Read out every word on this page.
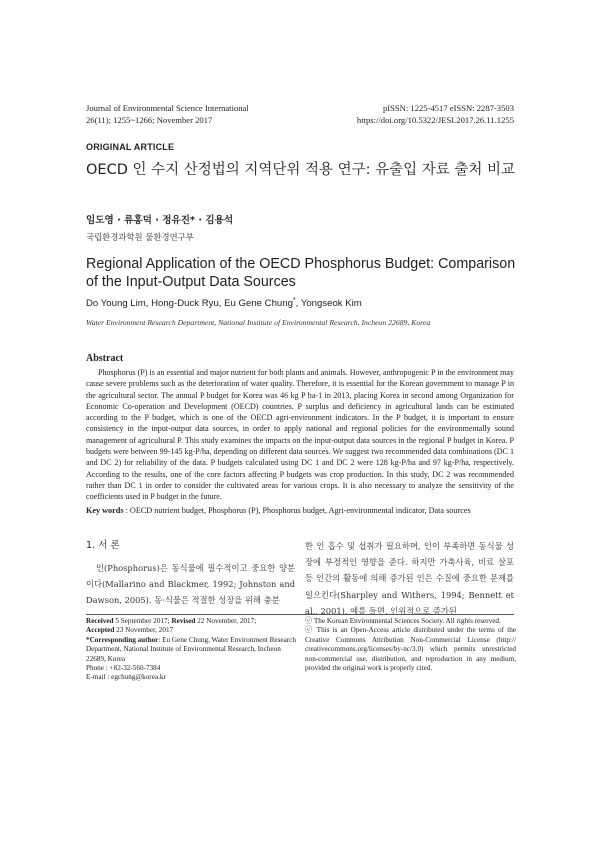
Journal of Environmental Science International
26(11); 1255~1266; November 2017
pISSN: 1225-4517 eISSN: 2287-3503
https://doi.org/10.5322/JESI.2017.26.11.1255
ORIGINAL ARTICLE
OECD 인 수지 산정법의 지역단위 적용 연구: 유출입 자료 출처 비교
임도영 · 류홍덕 · 정유진* · 김용석
국립환경과학원 물환경연구부
Regional Application of the OECD Phosphorus Budget: Comparison of the Input-Output Data Sources
Do Young Lim, Hong-Duck Ryu, Eu Gene Chung*, Yongseok Kim
Water Environment Research Department, National Institute of Environmental Research, Incheon 22689, Korea
Abstract
Phosphorus (P) is an essential and major nutrient for both plants and animals. However, anthropogenic P in the environment may cause severe problems such as the deterioration of water quality. Therefore, it is essential for the Korean government to manage P in the agricultural sector. The annual P budget for Korea was 46 kg P ha-1 in 2013, placing Korea in second among Organization for Economic Co-operation and Development (OECD) countries. P surplus and deficiency in agricultural lands can be estimated according to the P budget, which is one of the OECD agri-environment indicators. In the P budget, it is important to ensure consistency in the input-output data sources, in order to apply national and regional policies for the environmentally sound management of agricultural P. This study examines the impacts on the input-output data sources in the regional P budget in Korea. P budgets were between 99-145 kg-P/ha, depending on different data sources. We suggest two recommended data combinations (DC 1 and DC 2) for reliability of the data. P budgets calculated using DC 1 and DC 2 were 128 kg-P/ha and 97 kg-P/ha, respectively. According to the results, one of the core factors affecting P budgets was crop production. In this study, DC 2 was recommended rather than DC 1 in order to consider the cultivated areas for various crops. It is also necessary to analyze the sensitivity of the coefficients used in P budget in the future.
Key words : OECD nutrient budget, Phosphorus (P), Phosphorus budget, Agri-environmental indicator, Data sources
1. 서 론
인(Phosphorus)은 동식물에 필수적이고 중요한 양분이다(Mallarino and Blackmer, 1992; Johnston and Dawson, 2005). 동·식물은 적절한 성장을 위해 충분
한 인 흡수 및 섭취가 필요하며, 인이 부족하면 동식물 성장에 부정적인 영향을 준다. 하지만 가축사육, 비료 살포 등 인간의 활동에 의해 증가된 인은 수질에 중요한 문제를 일으킨다(Sharpley and Withers, 1994; Bennett et al., 2001). 예를 들면, 인위적으로 증가된
Received 5 September 2017; Revised 22 November, 2017;
Accepted 23 November, 2017
*Corresponding author: Eu Gene Chung, Water Environment Research Department, National Institute of Environmental Research, Incheon 22689, Korea
Phone : +82-32-560-7384
E-mail : egchung@korea.kr
ⓒ The Korean Environmental Sciences Society. All rights reserved.
ⓒ This is an Open-Access article distributed under the terms of the Creative Commons Attribution Non-Commercial License (http:// creativecommons.org/licenses/by-nc/3.0) which permits unrestricted non-commercial use, distribution, and reproduction in any medium, provided the original work is properly cited.
